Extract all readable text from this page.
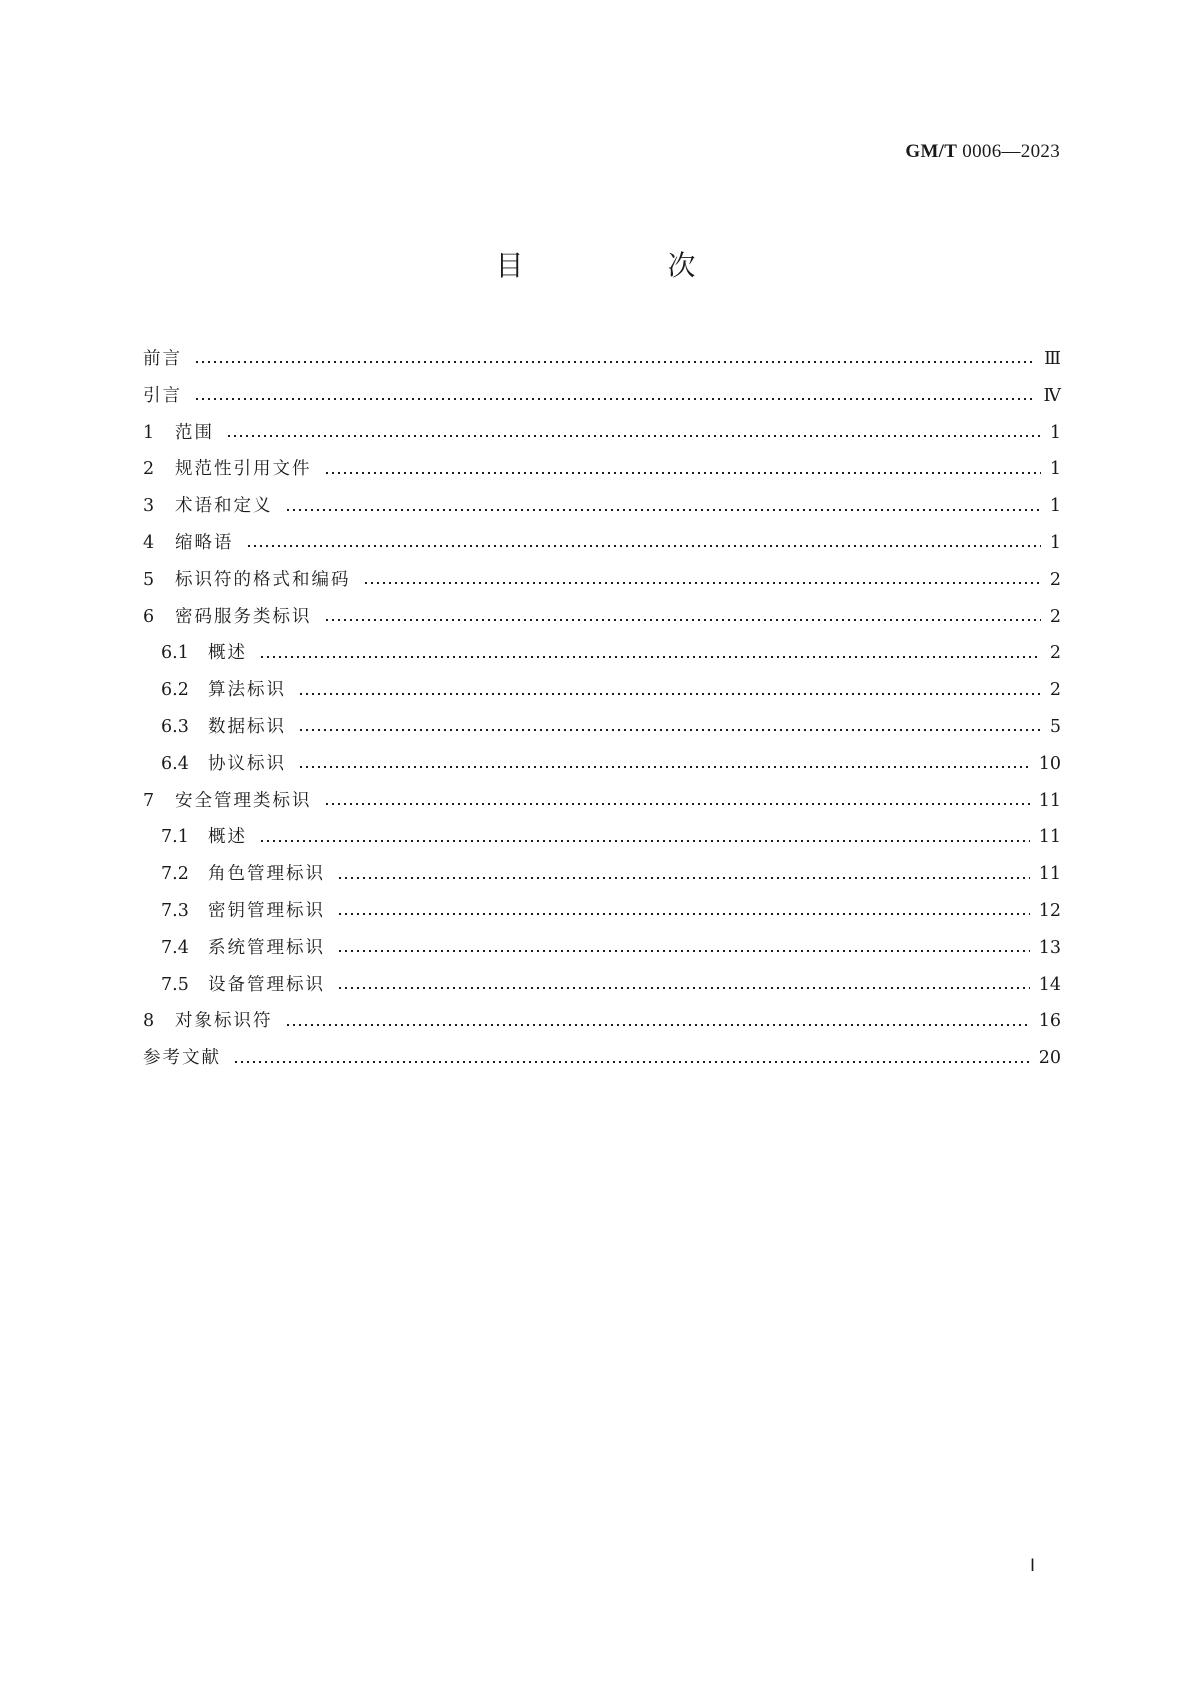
GM/T 0006—2023
目　次
前言	Ⅲ
引言	Ⅳ
1	范围	1
2	规范性引用文件	1
3	术语和定义	1
4	缩略语	1
5	标识符的格式和编码	2
6	密码服务类标识	2
6.1	概述	2
6.2	算法标识	2
6.3	数据标识	5
6.4	协议标识	10
7	安全管理类标识	11
7.1	概述	11
7.2	角色管理标识	11
7.3	密钥管理标识	12
7.4	系统管理标识	13
7.5	设备管理标识	14
8	对象标识符	16
参考文献	20
Ⅰ
